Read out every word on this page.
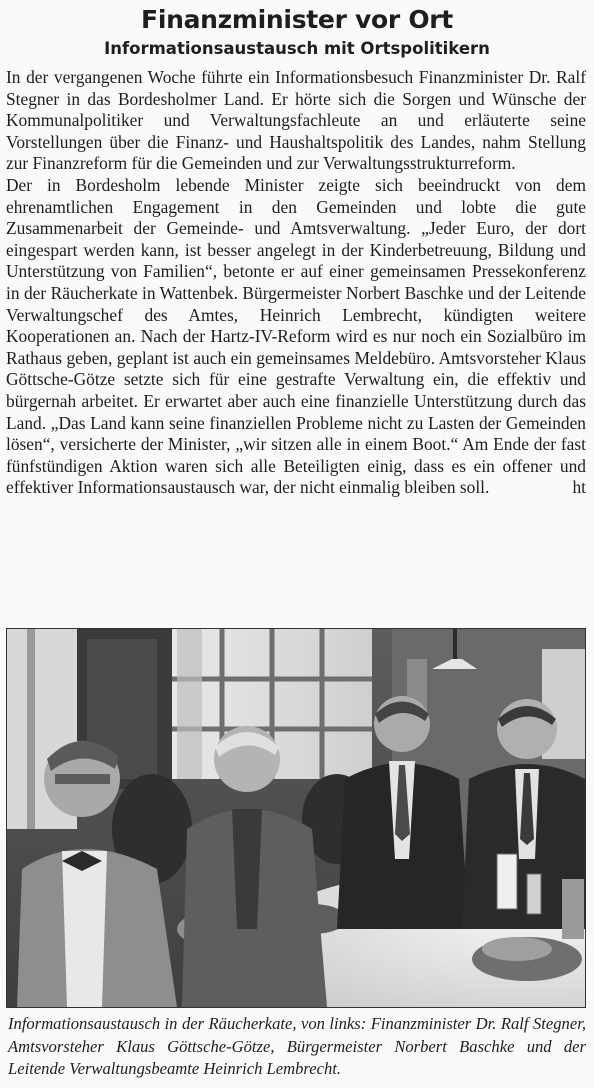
Finanzminister vor Ort
Informationsaustausch mit Ortspolitikern

In der vergangenen Woche führte ein Informationsbesuch Finanzminister Dr. Ralf Stegner in das Bordesholmer Land. Er hörte sich die Sorgen und Wünsche der Kommunalpolitiker und Verwaltungsfachleute an und erläuterte seine Vorstellungen über die Finanz- und Haushaltspolitik des Landes, nahm Stellung zur Finanzreform für die Gemeinden und zur Verwaltungsstrukturreform.

Der in Bordesholm lebende Minister zeigte sich beeindruckt von dem ehrenamtlichen Engagement in den Gemeinden und lobte die gute Zusammenarbeit der Gemeinde- und Amtsverwaltung. „Jeder Euro, der dort eingespart werden kann, ist besser angelegt in der Kinderbetreuung, Bildung und Unterstützung von Familien“, betonte er auf einer gemeinsamen Pressekonferenz in der Räucherkate in Wattenbek. Bürgermeister Norbert Baschke und der Leitende Verwaltungschef des Amtes, Heinrich Lembrecht, kündigten weitere Kooperationen an. Nach der Hartz-IV-Reform wird es nur noch ein Sozialbüro im Rathaus geben, geplant ist auch ein gemeinsames Meldebüro. Amtsvorsteher Klaus Göttsche-Götze setzte sich für eine gestrafte Verwaltung ein, die effektiv und bürgernah arbeitet. Er erwartet aber auch eine finanzielle Unterstützung durch das Land. „Das Land kann seine finanziellen Probleme nicht zu Lasten der Gemeinden lösen“, versicherte der Minister, „wir sitzen alle in einem Boot.“ Am Ende der fast fünfstündigen Aktion waren sich alle Beteiligten einig, dass es ein offener und effektiver Informationsaustausch war, der nicht einmalig bleiben soll.	ht

Informationsaustausch in der Räucherkate, von links: Finanzminister Dr. Ralf Stegner, Amtsvorsteher Klaus Göttsche-Götze, Bürgermeister Norbert Baschke und der Leitende Verwaltungsbeamte Heinrich Lembrecht.
